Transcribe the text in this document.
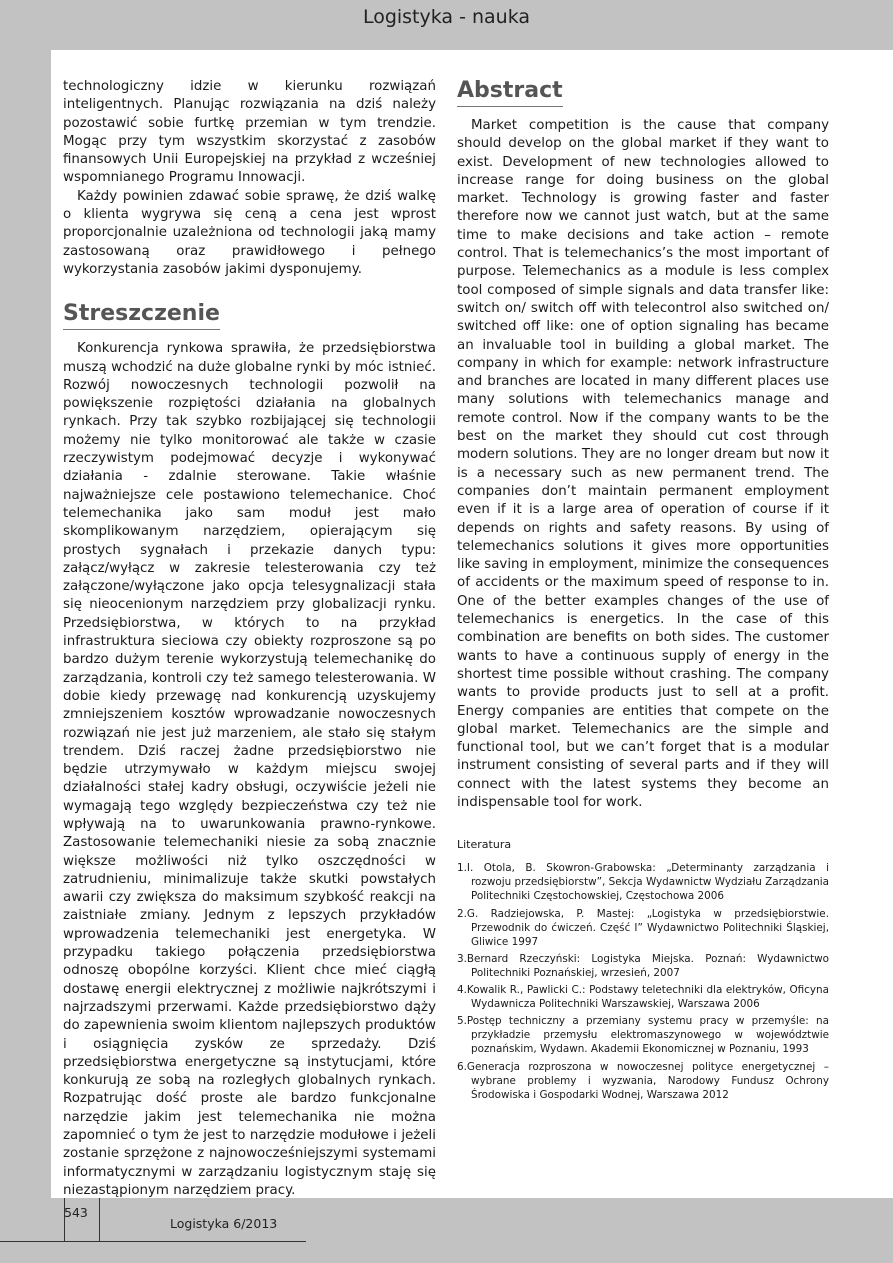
Logistyka - nauka

technologiczny idzie w kierunku rozwiązań inteligentnych. Planując rozwiązania na dziś należy pozostawić sobie furtkę przemian w tym trendzie. Mogąc przy tym wszystkim skorzystać z zasobów finansowych Unii Europejskiej na przykład z wcześniej wspomnianego Programu Innowacji.

Każdy powinien zdawać sobie sprawę, że dziś walkę o klienta wygrywa się ceną a cena jest wprost proporcjonalnie uzależniona od technologii jaką mamy zastosowaną oraz prawidłowego i pełnego wykorzystania zasobów jakimi dysponujemy.

Streszczenie

Konkurencja rynkowa sprawiła, że przedsiębiorstwa muszą wchodzić na duże globalne rynki by móc istnieć. Rozwój nowoczesnych technologii pozwolił na powiększenie rozpiętości działania na globalnych rynkach. Przy tak szybko rozbijającej się technologii możemy nie tylko monitorować ale także w czasie rzeczywistym podejmować decyzje i wykonywać działania - zdalnie sterowane. Takie właśnie najważniejsze cele postawiono telemechanice. Choć telemechanika jako sam moduł jest mało skomplikowanym narzędziem, opierającym się prostych sygnałach i przekazie danych typu: załącz/wyłącz w zakresie telesterowania czy też załączone/wyłączone jako opcja telesygnalizacji stała się nieocenionym narzędziem przy globalizacji rynku. Przedsiębiorstwa, w których to na przykład infrastruktura sieciowa czy obiekty rozproszone są po bardzo dużym terenie wykorzystują telemechanikę do zarządzania, kontroli czy też samego telesterowania. W dobie kiedy przewagę nad konkurencją uzyskujemy zmniejszeniem kosztów wprowadzanie nowoczesnych rozwiązań nie jest już marzeniem, ale stało się stałym trendem. Dziś raczej żadne przedsiębiorstwo nie będzie utrzymywało w każdym miejscu swojej działalności stałej kadry obsługi, oczywiście jeżeli nie wymagają tego względy bezpieczeństwa czy też nie wpływają na to uwarunkowania prawno-rynkowe. Zastosowanie telemechaniki niesie za sobą znacznie większe możliwości niż tylko oszczędności w zatrudnieniu, minimalizuje także skutki powstałych awarii czy zwiększa do maksimum szybkość reakcji na zaistniałe zmiany. Jednym z lepszych przykładów wprowadzenia telemechaniki jest energetyka. W przypadku takiego połączenia przedsiębiorstwa odnoszę obopólne korzyści. Klient chce mieć ciągłą dostawę energii elektrycznej z możliwie najkrótszymi i najrzadszymi przerwami. Każde przedsiębiorstwo dąży do zapewnienia swoim klientom najlepszych produktów i osiągnięcia zysków ze sprzedaży. Dziś przedsiębiorstwa energetyczne są instytucjami, które konkurują ze sobą na rozległych globalnych rynkach. Rozpatrując dość proste ale bardzo funkcjonalne narzędzie jakim jest telemechanika nie można zapomnieć o tym że jest to narzędzie modułowe i jeżeli zostanie sprzężone z najnowocześniejszymi systemami informatycznymi w zarządzaniu logistycznym staję się niezastąpionym narzędziem pracy.

Abstract

Market competition is the cause that company should develop on the global market if they want to exist. Development of new technologies allowed to increase range for doing business on the global market. Technology is growing faster and faster therefore now we cannot just watch, but at the same time to make decisions and take action – remote control. That is telemechanics’s the most important of purpose. Telemechanics as a module is less complex tool composed of simple signals and data transfer like: switch on/ switch off with telecontrol also switched on/ switched off like: one of option signaling has became an invaluable tool in building a global market. The company in which for example: network infrastructure and branches are located in many different places use many solutions with telemechanics manage and remote control. Now if the company wants to be the best on the market they should cut cost through modern solutions. They are no longer dream but now it is a necessary such as new permanent trend. The companies don’t maintain permanent employment even if it is a large area of operation of course if it depends on rights and safety reasons. By using of telemechanics solutions it gives more opportunities like saving in employment, minimize the consequences of accidents or the maximum speed of response to in. One of the better examples changes of the use of telemechanics is energetics. In the case of this combination are benefits on both sides. The customer wants to have a continuous supply of energy in the shortest time possible without crashing. The company wants to provide products just to sell at a profit. Energy companies are entities that compete on the global market. Telemechanics are the simple and functional tool, but we can’t forget that is a modular instrument consisting of several parts and if they will connect with the latest systems they become an indispensable tool for work.

Literatura
1.I. Otola, B. Skowron-Grabowska: „Determinanty zarządzania i rozwoju przedsiębiorstw”, Sekcja Wydawnictw Wydziału Zarządzania Politechniki Częstochowskiej, Częstochowa 2006
2.G. Radziejowska, P. Mastej: „Logistyka w przedsiębiorstwie. Przewodnik do ćwiczeń. Część I” Wydawnictwo Politechniki Śląskiej, Gliwice 1997
3.Bernard Rzeczyński: Logistyka Miejska. Poznań: Wydawnictwo Politechniki Poznańskiej, wrzesień, 2007
4.Kowalik R., Pawlicki C.: Podstawy teletechniki dla elektryków, Oficyna Wydawnicza Politechniki Warszawskiej, Warszawa 2006
5.Postęp techniczny a przemiany systemu pracy w przemyśle: na przykładzie przemysłu elektromaszynowego w województwie poznańskim, Wydawn. Akademii Ekonomicznej w Poznaniu, 1993
6.Generacja rozproszona w nowoczesnej polityce energetycznej – wybrane problemy i wyzwania, Narodowy Fundusz Ochrony Środowiska i Gospodarki Wodnej, Warszawa 2012
543
Logistyka 6/2013
